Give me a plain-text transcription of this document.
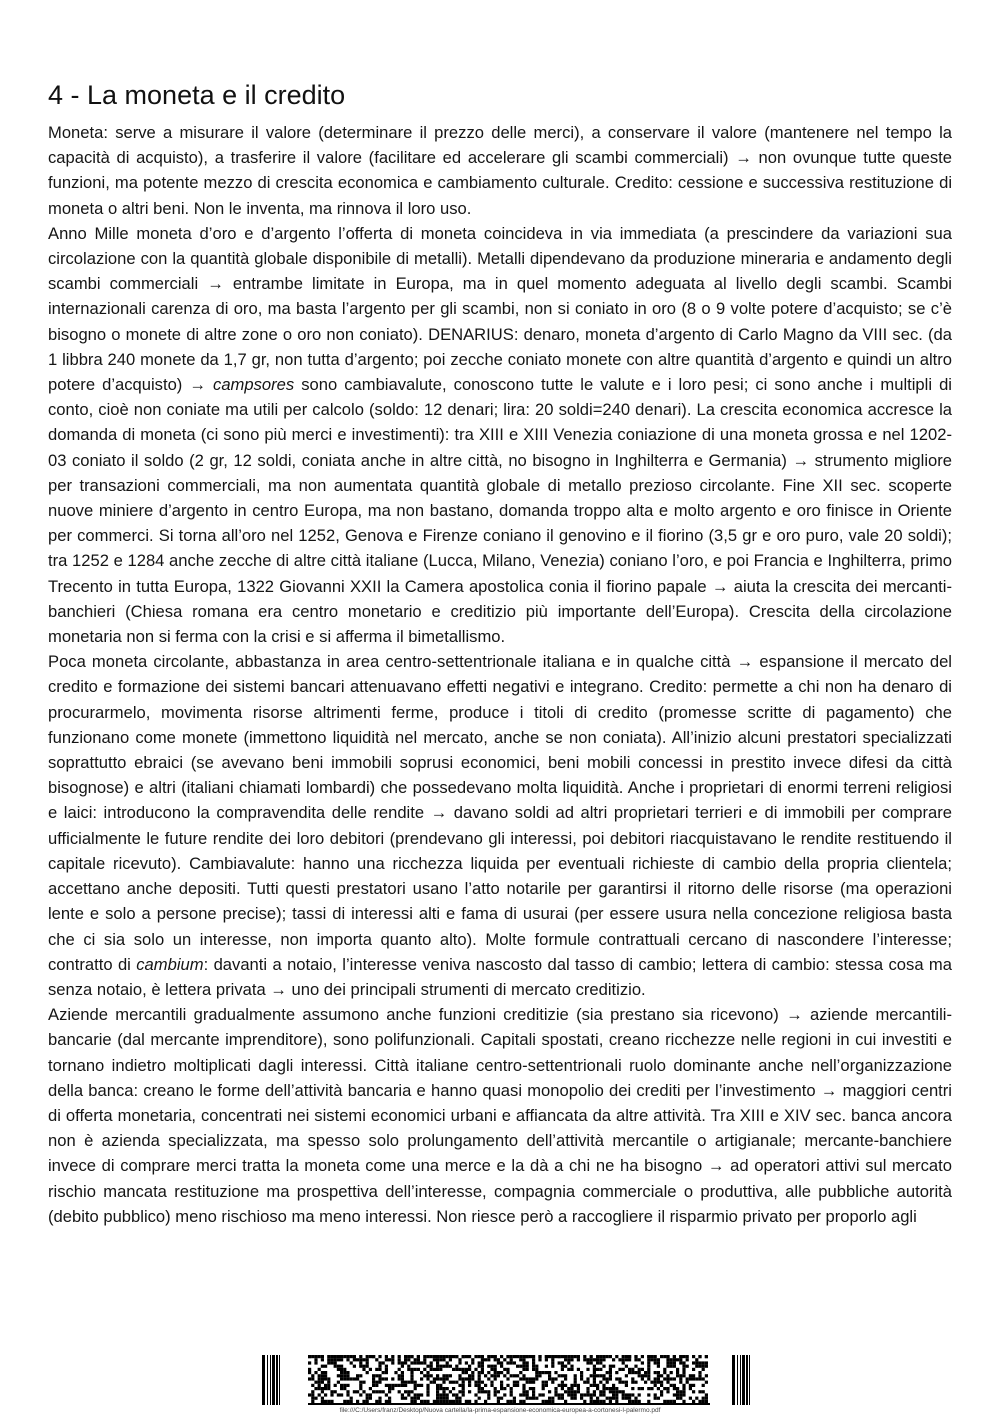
4 - La moneta e il credito

Moneta: serve a misurare il valore (determinare il prezzo delle merci), a conservare il valore (mantenere nel tempo la capacità di acquisto), a trasferire il valore (facilitare ed accelerare gli scambi commerciali) → non ovunque tutte queste funzioni, ma potente mezzo di crescita economica e cambiamento culturale. Credito: cessione e successiva restituzione di moneta o altri beni. Non le inventa, ma rinnova il loro uso.

Anno Mille moneta d’oro e d’argento l’offerta di moneta coincideva in via immediata (a prescindere da variazioni sua circolazione con la quantità globale disponibile di metalli). Metalli dipendevano da produzione mineraria e andamento degli scambi commerciali → entrambe limitate in Europa, ma in quel momento adeguata al livello degli scambi. Scambi internazionali carenza di oro, ma basta l’argento per gli scambi, non si coniato in oro (8 o 9 volte potere d’acquisto; se c’è bisogno o monete di altre zone o oro non coniato). DENARIUS: denaro, moneta d’argento di Carlo Magno da VIII sec. (da 1 libbra 240 monete da 1,7 gr, non tutta d’argento; poi zecche coniato monete con altre quantità d’argento e quindi un altro potere d’acquisto) → campsores sono cambiavalute, conoscono tutte le valute e i loro pesi; ci sono anche i multipli di conto, cioè non coniate ma utili per calcolo (soldo: 12 denari; lira: 20 soldi=240 denari). La crescita economica accresce la domanda di moneta (ci sono più merci e investimenti): tra XIII e XIII Venezia coniazione di una moneta grossa e nel 1202-03 coniato il soldo (2 gr, 12 soldi, coniata anche in altre città, no bisogno in Inghilterra e Germania) → strumento migliore per transazioni commerciali, ma non aumentata quantità globale di metallo prezioso circolante. Fine XII sec. scoperte nuove miniere d’argento in centro Europa, ma non bastano, domanda troppo alta e molto argento e oro finisce in Oriente per commerci. Si torna all’oro nel 1252, Genova e Firenze coniano il genovino e il fiorino (3,5 gr e oro puro, vale 20 soldi); tra 1252 e 1284 anche zecche di altre città italiane (Lucca, Milano, Venezia) coniano l’oro, e poi Francia e Inghilterra, primo Trecento in tutta Europa, 1322 Giovanni XXII la Camera apostolica conia il fiorino papale → aiuta la crescita dei mercanti-banchieri (Chiesa romana era centro monetario e creditizio più importante dell’Europa). Crescita della circolazione monetaria non si ferma con la crisi e si afferma il bimetallismo.

Poca moneta circolante, abbastanza in area centro-settentrionale italiana e in qualche città → espansione il mercato del credito e formazione dei sistemi bancari attenuavano effetti negativi e integrano. Credito: permette a chi non ha denaro di procurarmelo, movimenta risorse altrimenti ferme, produce i titoli di credito (promesse scritte di pagamento) che funzionano come monete (immettono liquidità nel mercato, anche se non coniata). All’inizio alcuni prestatori specializzati soprattutto ebraici (se avevano beni immobili soprusi economici, beni mobili concessi in prestito invece difesi da città bisognose) e altri (italiani chiamati lombardi) che possedevano molta liquidità. Anche i proprietari di enormi terreni religiosi e laici: introducono la compravendita delle rendite → davano soldi ad altri proprietari terrieri e di immobili per comprare ufficialmente le future rendite dei loro debitori (prendevano gli interessi, poi debitori riacquistavano le rendite restituendo il capitale ricevuto). Cambiavalute: hanno una ricchezza liquida per eventuali richieste di cambio della propria clientela; accettano anche depositi. Tutti questi prestatori usano l’atto notarile per garantirsi il ritorno delle risorse (ma operazioni lente e solo a persone precise); tassi di interessi alti e fama di usurai (per essere usura nella concezione religiosa basta che ci sia solo un interesse, non importa quanto alto). Molte formule contrattuali cercano di nascondere l’interesse; contratto di cambium: davanti a notaio, l’interesse veniva nascosto dal tasso di cambio; lettera di cambio: stessa cosa ma senza notaio, è lettera privata → uno dei principali strumenti di mercato creditizio.

Aziende mercantili gradualmente assumono anche funzioni creditizie (sia prestano sia ricevono) → aziende mercantili-bancarie (dal mercante imprenditore), sono polifunzionali. Capitali spostati, creano ricchezze nelle regioni in cui investiti e tornano indietro moltiplicati dagli interessi. Città italiane centro-settentrionali ruolo dominante anche nell’organizzazione della banca: creano le forme dell’attività bancaria e hanno quasi monopolio dei crediti per l’investimento → maggiori centri di offerta monetaria, concentrati nei sistemi economici urbani e affiancata da altre attività. Tra XIII e XIV sec. banca ancora non è azienda specializzata, ma spesso solo prolungamento dell’attività mercantile o artigianale; mercante-banchiere invece di comprare merci tratta la moneta come una merce e la dà a chi ne ha bisogno → ad operatori attivi sul mercato rischio mancata restituzione ma prospettiva dell’interesse, compagnia commerciale o produttiva, alle pubbliche autorità (debito pubblico) meno rischioso ma meno interessi. Non riesce però a raccogliere il risparmio privato per proporlo agli

file:///C:/Users/franz/Desktop/Nuova cartella/la-prima-espansione-economica-europea-a-cortonesi-l-palermo.pdf
